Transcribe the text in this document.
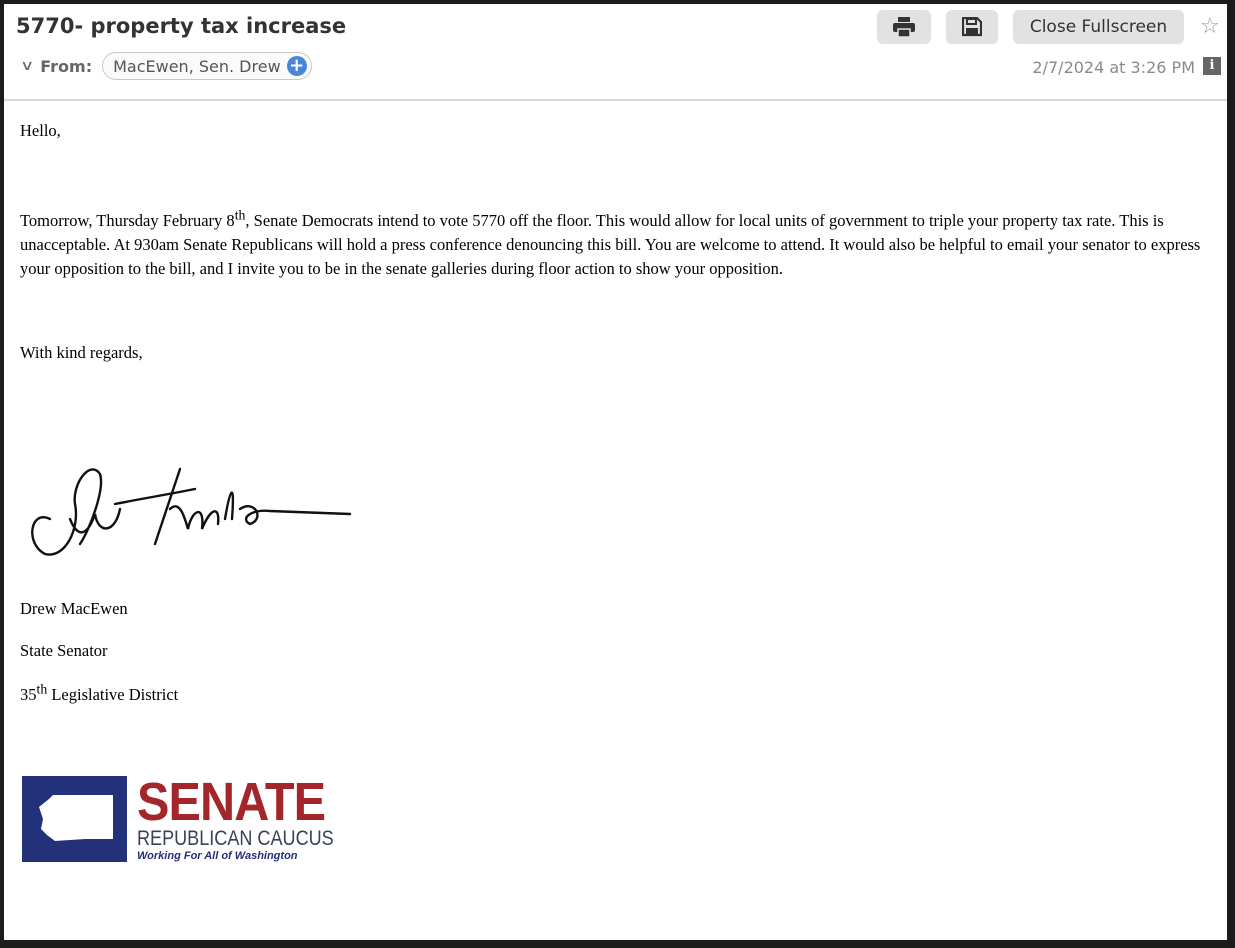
5770- property tax increase
∨ From: MacEwen, Sen. Drew +
Close Fullscreen	☆
2/7/2024 at 3:26 PM	i

Hello,

Tomorrow, Thursday February 8th, Senate Democrats intend to vote 5770 off the floor. This would allow for local units of government to triple your property tax rate. This is unacceptable. At 930am Senate Republicans will hold a press conference denouncing this bill. You are welcome to attend. It would also be helpful to email your senator to express your opposition to the bill, and I invite you to be in the senate galleries during floor action to show your opposition.

With kind regards,

Drew MacEwen

State Senator

35th Legislative District

SENATE
REPUBLICAN CAUCUS
Working For All of Washington
